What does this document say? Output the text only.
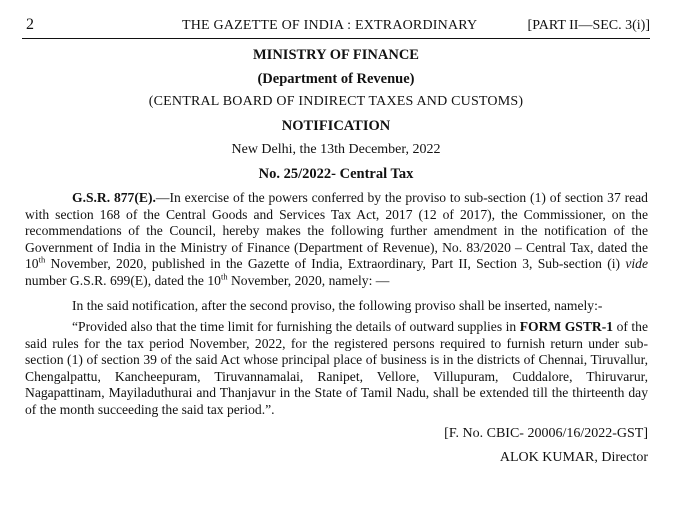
2	THE GAZETTE OF INDIA : EXTRAORDINARY	[PART II—SEC. 3(i)]
MINISTRY OF FINANCE
(Department of Revenue)
(CENTRAL BOARD OF INDIRECT TAXES AND CUSTOMS)
NOTIFICATION
New Delhi, the 13th December, 2022
No. 25/2022- Central Tax
G.S.R. 877(E).—In exercise of the powers conferred by the proviso to sub-section (1) of section 37 read with section 168 of the Central Goods and Services Tax Act, 2017 (12 of 2017), the Commissioner, on the recommendations of the Council, hereby makes the following further amendment in the notification of the Government of India in the Ministry of Finance (Department of Revenue), No. 83/2020 – Central Tax, dated the 10th November, 2020, published in the Gazette of India, Extraordinary, Part II, Section 3, Sub-section (i) vide number G.S.R. 699(E), dated the 10th November, 2020, namely: —
In the said notification, after the second proviso, the following proviso shall be inserted, namely:-
“Provided also that the time limit for furnishing the details of outward supplies in FORM GSTR-1 of the said rules for the tax period November, 2022, for the registered persons required to furnish return under sub-section (1) of section 39 of the said Act whose principal place of business is in the districts of Chennai, Tiruvallur, Chengalpattu, Kancheepuram, Tiruvannamalai, Ranipet, Vellore, Villupuram, Cuddalore, Thiruvarur, Nagapattinam, Mayiladuthurai and Thanjavur in the State of Tamil Nadu, shall be extended till the thirteenth day of the month succeeding the said tax period.”.
[F. No. CBIC- 20006/16/2022-GST]
ALOK KUMAR, Director
